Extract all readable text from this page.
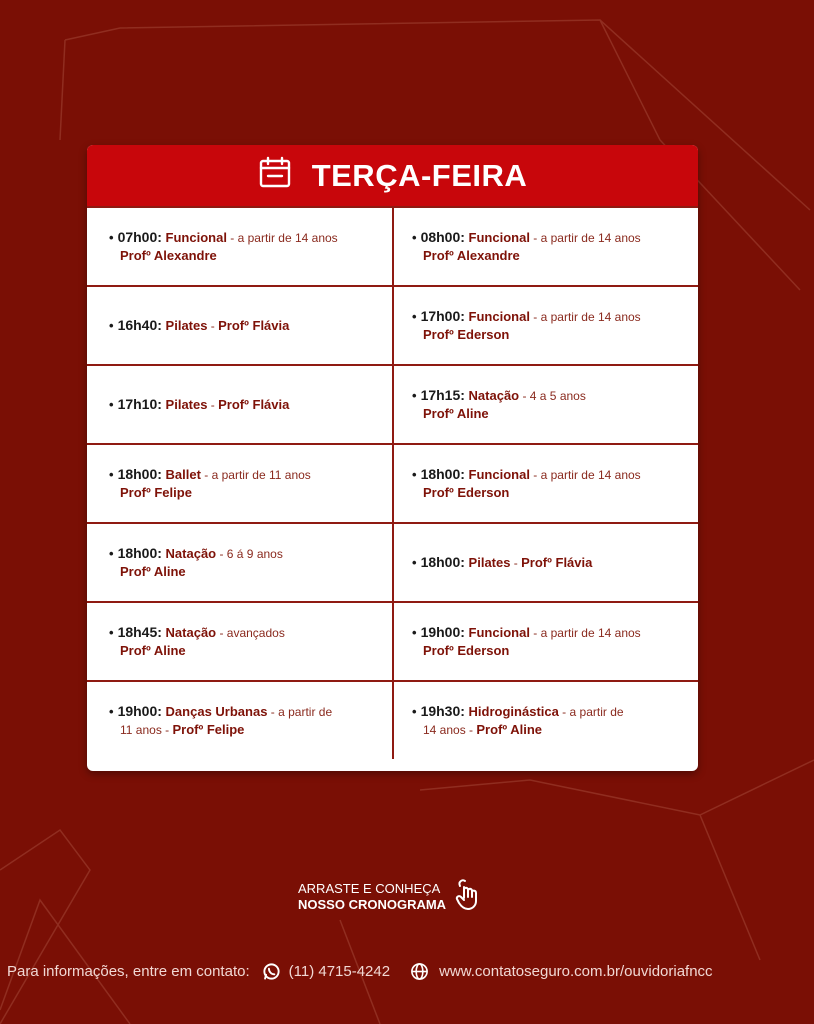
TERÇA-FEIRA
• 07h00: Funcional - a partir de 14 anos
Profº Alexandre
• 08h00: Funcional - a partir de 14 anos
Profº Alexandre
• 16h40: Pilates - Profº Flávia
• 17h00: Funcional - a partir de 14 anos
Profº Ederson
• 17h10: Pilates - Profº Flávia
• 17h15: Natação - 4 a 5 anos
Profº Aline
• 18h00: Ballet - a partir de 11 anos
Profº Felipe
• 18h00: Funcional - a partir de 14 anos
Profº Ederson
• 18h00: Natação - 6 á 9 anos
Profº Aline
• 18h00: Pilates - Profº Flávia
• 18h45: Natação - avançados
Profº Aline
• 19h00: Funcional - a partir de 14 anos
Profº Ederson
• 19h00: Danças Urbanas - a partir de
11 anos - Profº Felipe
• 19h30: Hidroginástica - a partir de
14 anos - Profº Aline
ARRASTE E CONHEÇA
NOSSO CRONOGRAMA
Para informações, entre em contato:	(11) 4715-4242	www.contatoseguro.com.br/ouvidoriafncc
